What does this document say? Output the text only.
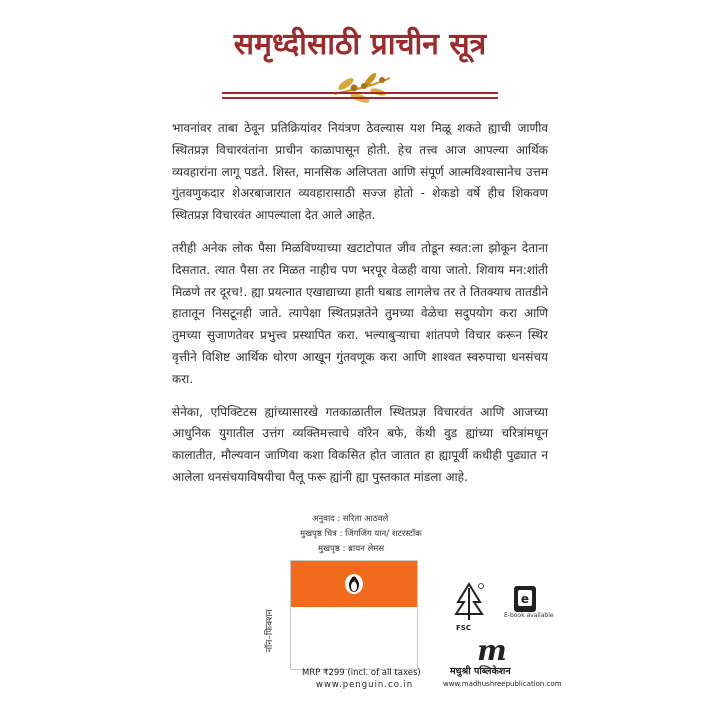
समृध्दीसाठी प्राचीन सूत्र

भावनांवर ताबा ठेवून प्रतिक्रियांवर नियंत्रण ठेवल्यास यश मिळू शकते ह्याची जाणीव स्थितप्रज्ञ विचारवंतांना प्राचीन काळापासून होती. हेच तत्त्व आज आपल्या आर्थिक व्यवहारांना लागू पडते. शिस्त, मानसिक अलिप्तता आणि संपूर्ण आत्मविश्वासानेच उत्तम गुंतवणुकदार शेअरबाजारात व्यवहारासाठी सज्ज होतो - शेकडो वर्षे हीच शिकवण स्थितप्रज्ञ विचारवंत आपल्याला देत आले आहेत.

तरीही अनेक लोक पैसा मिळविण्याच्या खटाटोपात जीव तोडून स्वत:ला झोकून देताना दिसतात. त्यात पैसा तर मिळत नाहीच पण भरपूर वेळही वाया जातो. शिवाय मन:शांती मिळणे तर दूरच!. ह्या प्रयत्नात एखाद्याच्या हाती घबाड लागलेच तर ते तितक्याच तातडीने हातातून निसटूनही जाते. त्यापेक्षा स्थितप्रज्ञतेने तुमच्या वेळेचा सदुपयोग करा आणि तुमच्या सुजाणतेवर प्रभुत्त्व प्रस्थापित करा. भल्याबुऱ्याचा शांतपणे विचार करून स्थिर वृत्तीने विशिष्ट आर्थिक धोरण आखून गुंतवणूक करा आणि शाश्वत स्वरुपाचा धनसंचय करा.

सेनेका, एपिक्टिटस ह्यांच्यासारखे गतकाळातील स्थितप्रज्ञ विचारवंत आणि आजच्या आधुनिक युगातील उत्तंग व्यक्तिमत्त्वाचे वॉरेन बफे, केंथी वुड ह्यांच्या चरित्रांमधून कालातीत, मौल्यवान जाणिवा कशा विकसित होत जातात हा ह्यापूर्वी कधीही पुढ्यात न आलेला धनसंचयाविषयीचा पैलू फरू ह्यांनी ह्या पुस्तकात मांडला आहे.

अनुवाद : सरिता आठवले
मुखपृष्ठ चित्र : जिंगजिंग यान/ शटरस्टॉक
मुखपृष्ठ : ब्रायन लेमस
नॉन–फिक्शन
MRP ₹299 (incl. of all taxes)
www.penguin.co.in
FSC
e
E-book available
m
मधुश्री पब्लिकेशन
www.madhushreepublication.com
